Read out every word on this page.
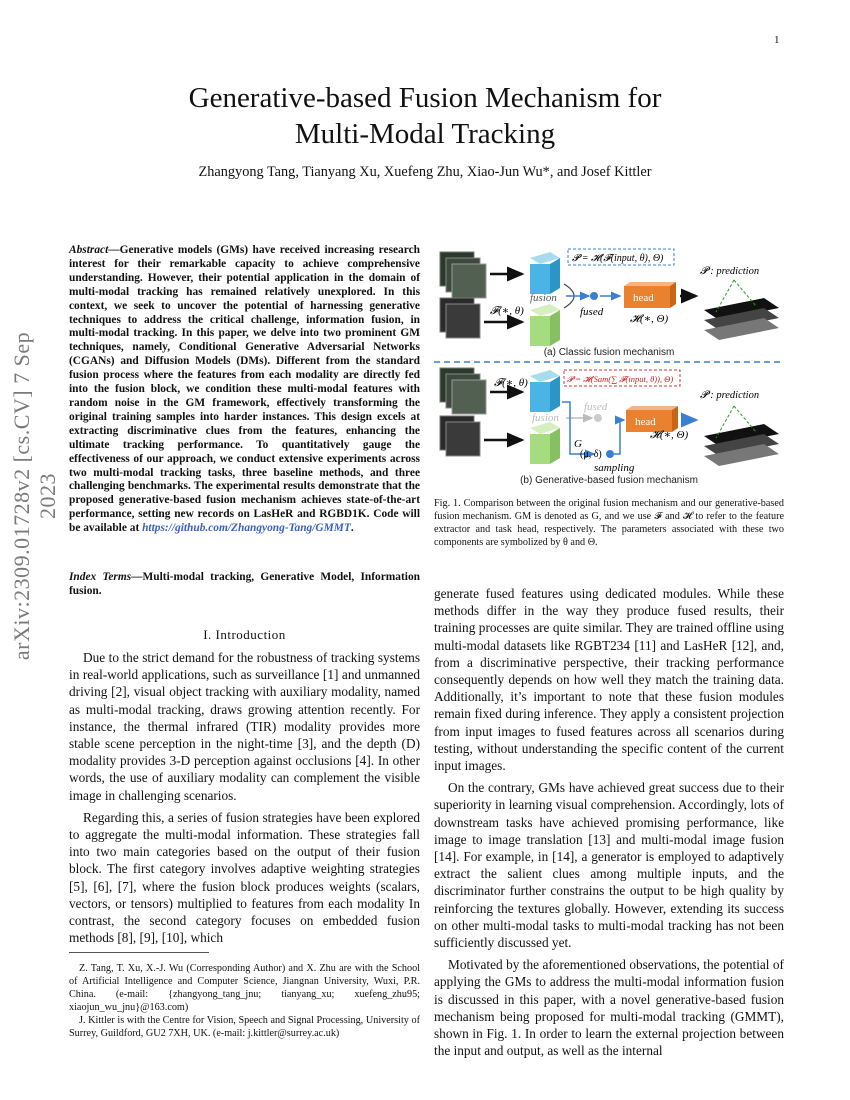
1
Generative-based Fusion Mechanism for
Multi-Modal Tracking
Zhangyong Tang, Tianyang Xu, Xuefeng Zhu, Xiao-Jun Wu*, and Josef Kittler
arXiv:2309.01728v2 [cs.CV] 7 Sep 2023
Abstract—Generative models (GMs) have received increasing research interest for their remarkable capacity to achieve comprehensive understanding. However, their potential application in the domain of multi-modal tracking has remained relatively unexplored. In this context, we seek to uncover the potential of harnessing generative techniques to address the critical challenge, information fusion, in multi-modal tracking. In this paper, we delve into two prominent GM techniques, namely, Conditional Generative Adversarial Networks (CGANs) and Diffusion Models (DMs). Different from the standard fusion process where the features from each modality are directly fed into the fusion block, we condition these multi-modal features with random noise in the GM framework, effectively transforming the original training samples into harder instances. This design excels at extracting discriminative clues from the features, enhancing the ultimate tracking performance. To quantitatively gauge the effectiveness of our approach, we conduct extensive experiments across two multi-modal tracking tasks, three baseline methods, and three challenging benchmarks. The experimental results demonstrate that the proposed generative-based fusion mechanism achieves state-of-the-art performance, setting new records on LasHeR and RGBD1K. Code will be available at https://github.com/Zhangyong-Tang/GMMT.
Index Terms—Multi-modal tracking, Generative Model, Information fusion.
I. Introduction

Due to the strict demand for the robustness of tracking systems in real-world applications, such as surveillance [1] and unmanned driving [2], visual object tracking with auxiliary modality, named as multi-modal tracking, draws growing attention recently. For instance, the thermal infrared (TIR) modality provides more stable scene perception in the night-time [3], and the depth (D) modality provides 3-D perception against occlusions [4]. In other words, the use of auxiliary modality can complement the visible image in challenging scenarios.

Regarding this, a series of fusion strategies have been explored to aggregate the multi-modal information. These strategies fall into two main categories based on the output of their fusion block. The first category involves adaptive weighting strategies [5], [6], [7], where the fusion block produces weights (scalars, vectors, or tensors) multiplied to features from each modality In contrast, the second category focuses on embedded fusion methods [8], [9], [10], which

Z. Tang, T. Xu, X.-J. Wu (Corresponding Author) and X. Zhu are with the School of Artificial Intelligence and Computer Science, Jiangnan University, Wuxi, P.R. China. (e-mail: {zhangyong_tang_jnu; tianyang_xu; xuefeng_zhu95; xiaojun_wu_jnu}@163.com)

J. Kittler is with the Centre for Vision, Speech and Signal Processing, University of Surrey, Guildford, GU2 7XH, UK. (e-mail: j.kittler@surrey.ac.uk)

𝓕(∗, θ)
fusion
fused
head
𝓗(∗, Θ)
𝓟 = 𝓗(𝓕(input, θ), Θ)
𝓟 : prediction
(a) Classic fusion mechanism
𝓕(∗, θ)
fusion
fused
G
(μ, δ)
sampling
head
𝓗(∗, Θ)
𝓟 = 𝓗(Sam(∑ 𝓕(input, θ)), Θ)
𝓟 : prediction
(b) Generative-based fusion mechanism
Fig. 1. Comparison between the original fusion mechanism and our generative-based fusion mechanism. GM is denoted as G, and we use 𝓕 and 𝓗 to refer to the feature extractor and task head, respectively. The parameters associated with these two components are symbolized by θ and Θ.

generate fused features using dedicated modules. While these methods differ in the way they produce fused results, their training processes are quite similar. They are trained offline using multi-modal datasets like RGBT234 [11] and LasHeR [12], and, from a discriminative perspective, their tracking performance consequently depends on how well they match the training data. Additionally, it’s important to note that these fusion modules remain fixed during inference. They apply a consistent projection from input images to fused features across all scenarios during testing, without understanding the specific content of the current input images.

On the contrary, GMs have achieved great success due to their superiority in learning visual comprehension. Accordingly, lots of downstream tasks have achieved promising performance, like image to image translation [13] and multi-modal image fusion [14]. For example, in [14], a generator is employed to adaptively extract the salient clues among multiple inputs, and the discriminator further constrains the output to be high quality by reinforcing the textures globally. However, extending its success on other multi-modal tasks to multi-modal tracking has not been sufficiently discussed yet.

Motivated by the aforementioned observations, the potential of applying the GMs to address the multi-modal information fusion is discussed in this paper, with a novel generative-based fusion mechanism being proposed for multi-modal tracking (GMMT), shown in Fig. 1. In order to learn the external projection between the input and output, as well as the internal
